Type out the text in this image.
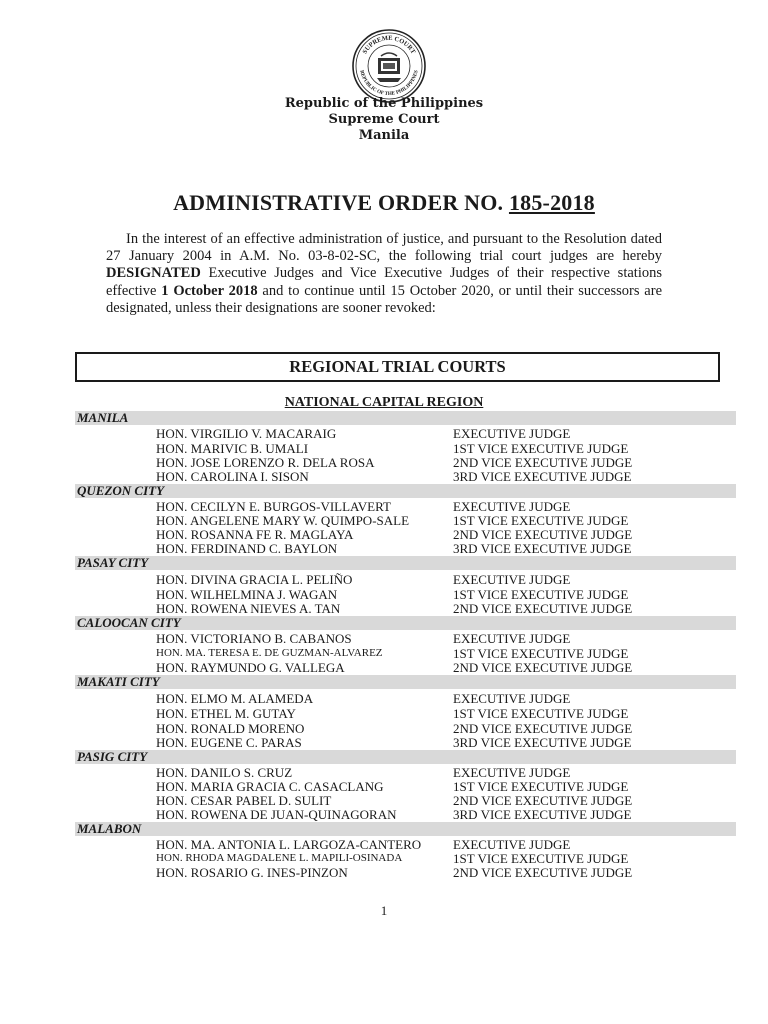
SUPREME COURT
REPUBLIC OF THE PHILIPPINES
Republic of the Philippines
Supreme Court
Manila
ADMINISTRATIVE ORDER NO. 185-2018

In the interest of an effective administration of justice, and pursuant to the Resolution dated 27 January 2004 in A.M. No. 03-8-02-SC, the following trial court judges are hereby DESIGNATED Executive Judges and Vice Executive Judges of their respective stations effective 1 October 2018 and to continue until 15 October 2020, or until their successors are designated, unless their designations are sooner revoked:

REGIONAL TRIAL COURTS
NATIONAL CAPITAL REGION
MANILA
HON. VIRGILIO V. MACARAIG	EXECUTIVE JUDGE
HON. MARIVIC B. UMALI	1ST VICE EXECUTIVE JUDGE
HON. JOSE LORENZO R. DELA ROSA	2ND VICE EXECUTIVE JUDGE
HON. CAROLINA I. SISON	3RD VICE EXECUTIVE JUDGE
QUEZON CITY
HON. CECILYN E. BURGOS-VILLAVERT	EXECUTIVE JUDGE
HON. ANGELENE MARY W. QUIMPO-SALE	1ST VICE EXECUTIVE JUDGE
HON. ROSANNA FE R. MAGLAYA	2ND VICE EXECUTIVE JUDGE
HON. FERDINAND C. BAYLON	3RD VICE EXECUTIVE JUDGE
PASAY CITY
HON. DIVINA GRACIA L. PELIÑO	EXECUTIVE JUDGE
HON. WILHELMINA J. WAGAN	1ST VICE EXECUTIVE JUDGE
HON. ROWENA NIEVES A. TAN	2ND VICE EXECUTIVE JUDGE
CALOOCAN CITY
HON. VICTORIANO B. CABANOS	EXECUTIVE JUDGE
HON. MA. TERESA E. DE GUZMAN-ALVAREZ	1ST VICE EXECUTIVE JUDGE
HON. RAYMUNDO G. VALLEGA	2ND VICE EXECUTIVE JUDGE
MAKATI CITY
HON. ELMO M. ALAMEDA	EXECUTIVE JUDGE
HON. ETHEL M. GUTAY	1ST VICE EXECUTIVE JUDGE
HON. RONALD MORENO	2ND VICE EXECUTIVE JUDGE
HON. EUGENE C. PARAS	3RD VICE EXECUTIVE JUDGE
PASIG CITY
HON. DANILO S. CRUZ	EXECUTIVE JUDGE
HON. MARIA GRACIA C. CASACLANG	1ST VICE EXECUTIVE JUDGE
HON. CESAR PABEL D. SULIT	2ND VICE EXECUTIVE JUDGE
HON. ROWENA DE JUAN-QUINAGORAN	3RD VICE EXECUTIVE JUDGE
MALABON
HON. MA. ANTONIA L. LARGOZA-CANTERO EXECUTIVE JUDGE
HON. RHODA MAGDALENE L. MAPILI-OSINADA	1ST VICE EXECUTIVE JUDGE
HON. ROSARIO G. INES-PINZON	2ND VICE EXECUTIVE JUDGE
1
